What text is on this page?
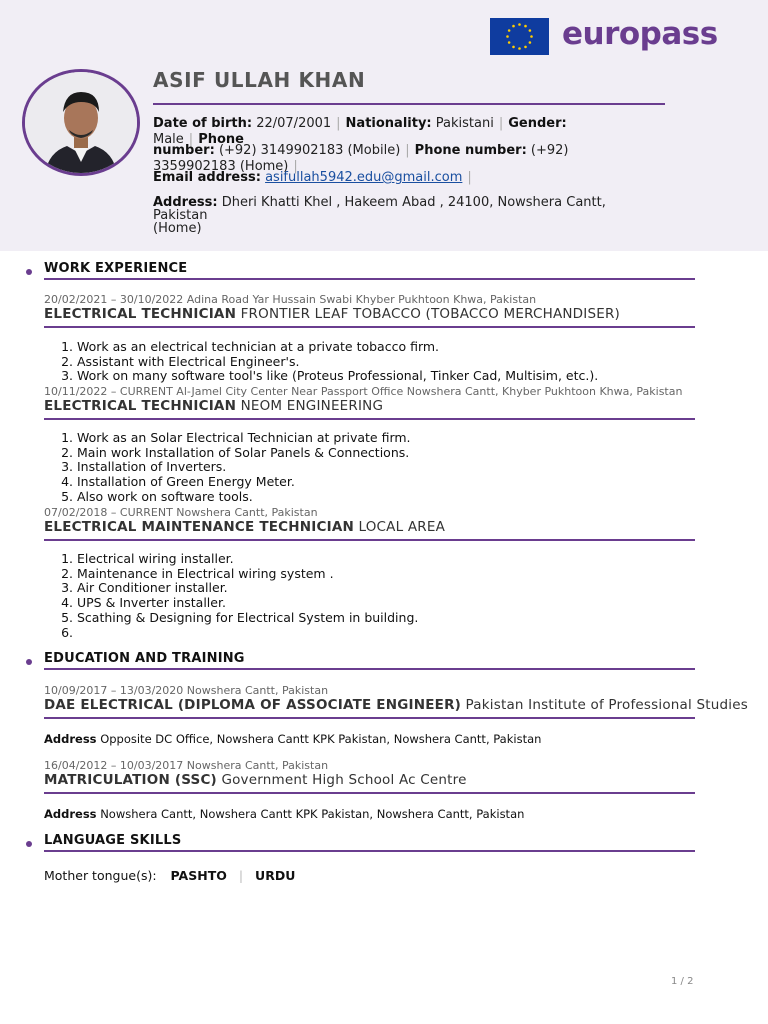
europass
ASIF ULLAH KHAN
Date of birth: 22/07/2001 | Nationality: Pakistani | Gender: Male | Phone
number: (+92) 3149902183 (Mobile) | Phone number: (+92) 3359902183 (Home) |
Email address: asifullah5942.edu@gmail.com |
Address: Dheri Khatti Khel , Hakeem Abad , 24100, Nowshera Cantt, Pakistan
(Home)
WORK EXPERIENCE
20/02/2021 – 30/10/2022 Adina Road Yar Hussain Swabi Khyber Pukhtoon Khwa, Pakistan
ELECTRICAL TECHNICIAN FRONTIER LEAF TOBACCO (TOBACCO MERCHANDISER)
1. Work as an electrical technician at a private tobacco firm.
2. Assistant with Electrical Engineer's.
3. Work on many software tool's like (Proteus Professional, Tinker Cad, Multisim, etc.).
10/11/2022 – CURRENT Al-Jamel City Center Near Passport Office Nowshera Cantt, Khyber Pukhtoon Khwa, Pakistan
ELECTRICAL TECHNICIAN NEOM ENGINEERING
1. Work as an Solar Electrical Technician at private firm.
2. Main work Installation of Solar Panels & Connections.
3. Installation of Inverters.
4. Installation of Green Energy Meter.
5. Also work on software tools.
07/02/2018 – CURRENT Nowshera Cantt, Pakistan
ELECTRICAL MAINTENANCE TECHNICIAN LOCAL AREA
1. Electrical wiring installer.
2. Maintenance in Electrical wiring system .
3. Air Conditioner installer.
4. UPS & Inverter installer.
5. Scathing & Designing for Electrical System in building.
6.
EDUCATION AND TRAINING
10/09/2017 – 13/03/2020 Nowshera Cantt, Pakistan
DAE ELECTRICAL (DIPLOMA OF ASSOCIATE ENGINEER) Pakistan Institute of Professional Studies
Address Opposite DC Office, Nowshera Cantt KPK Pakistan, Nowshera Cantt, Pakistan
16/04/2012 – 10/03/2017 Nowshera Cantt, Pakistan
MATRICULATION (SSC) Government High School Ac Centre
Address Nowshera Cantt, Nowshera Cantt KPK Pakistan, Nowshera Cantt, Pakistan
LANGUAGE SKILLS
Mother tongue(s): PASHTO | URDU
1 / 2
